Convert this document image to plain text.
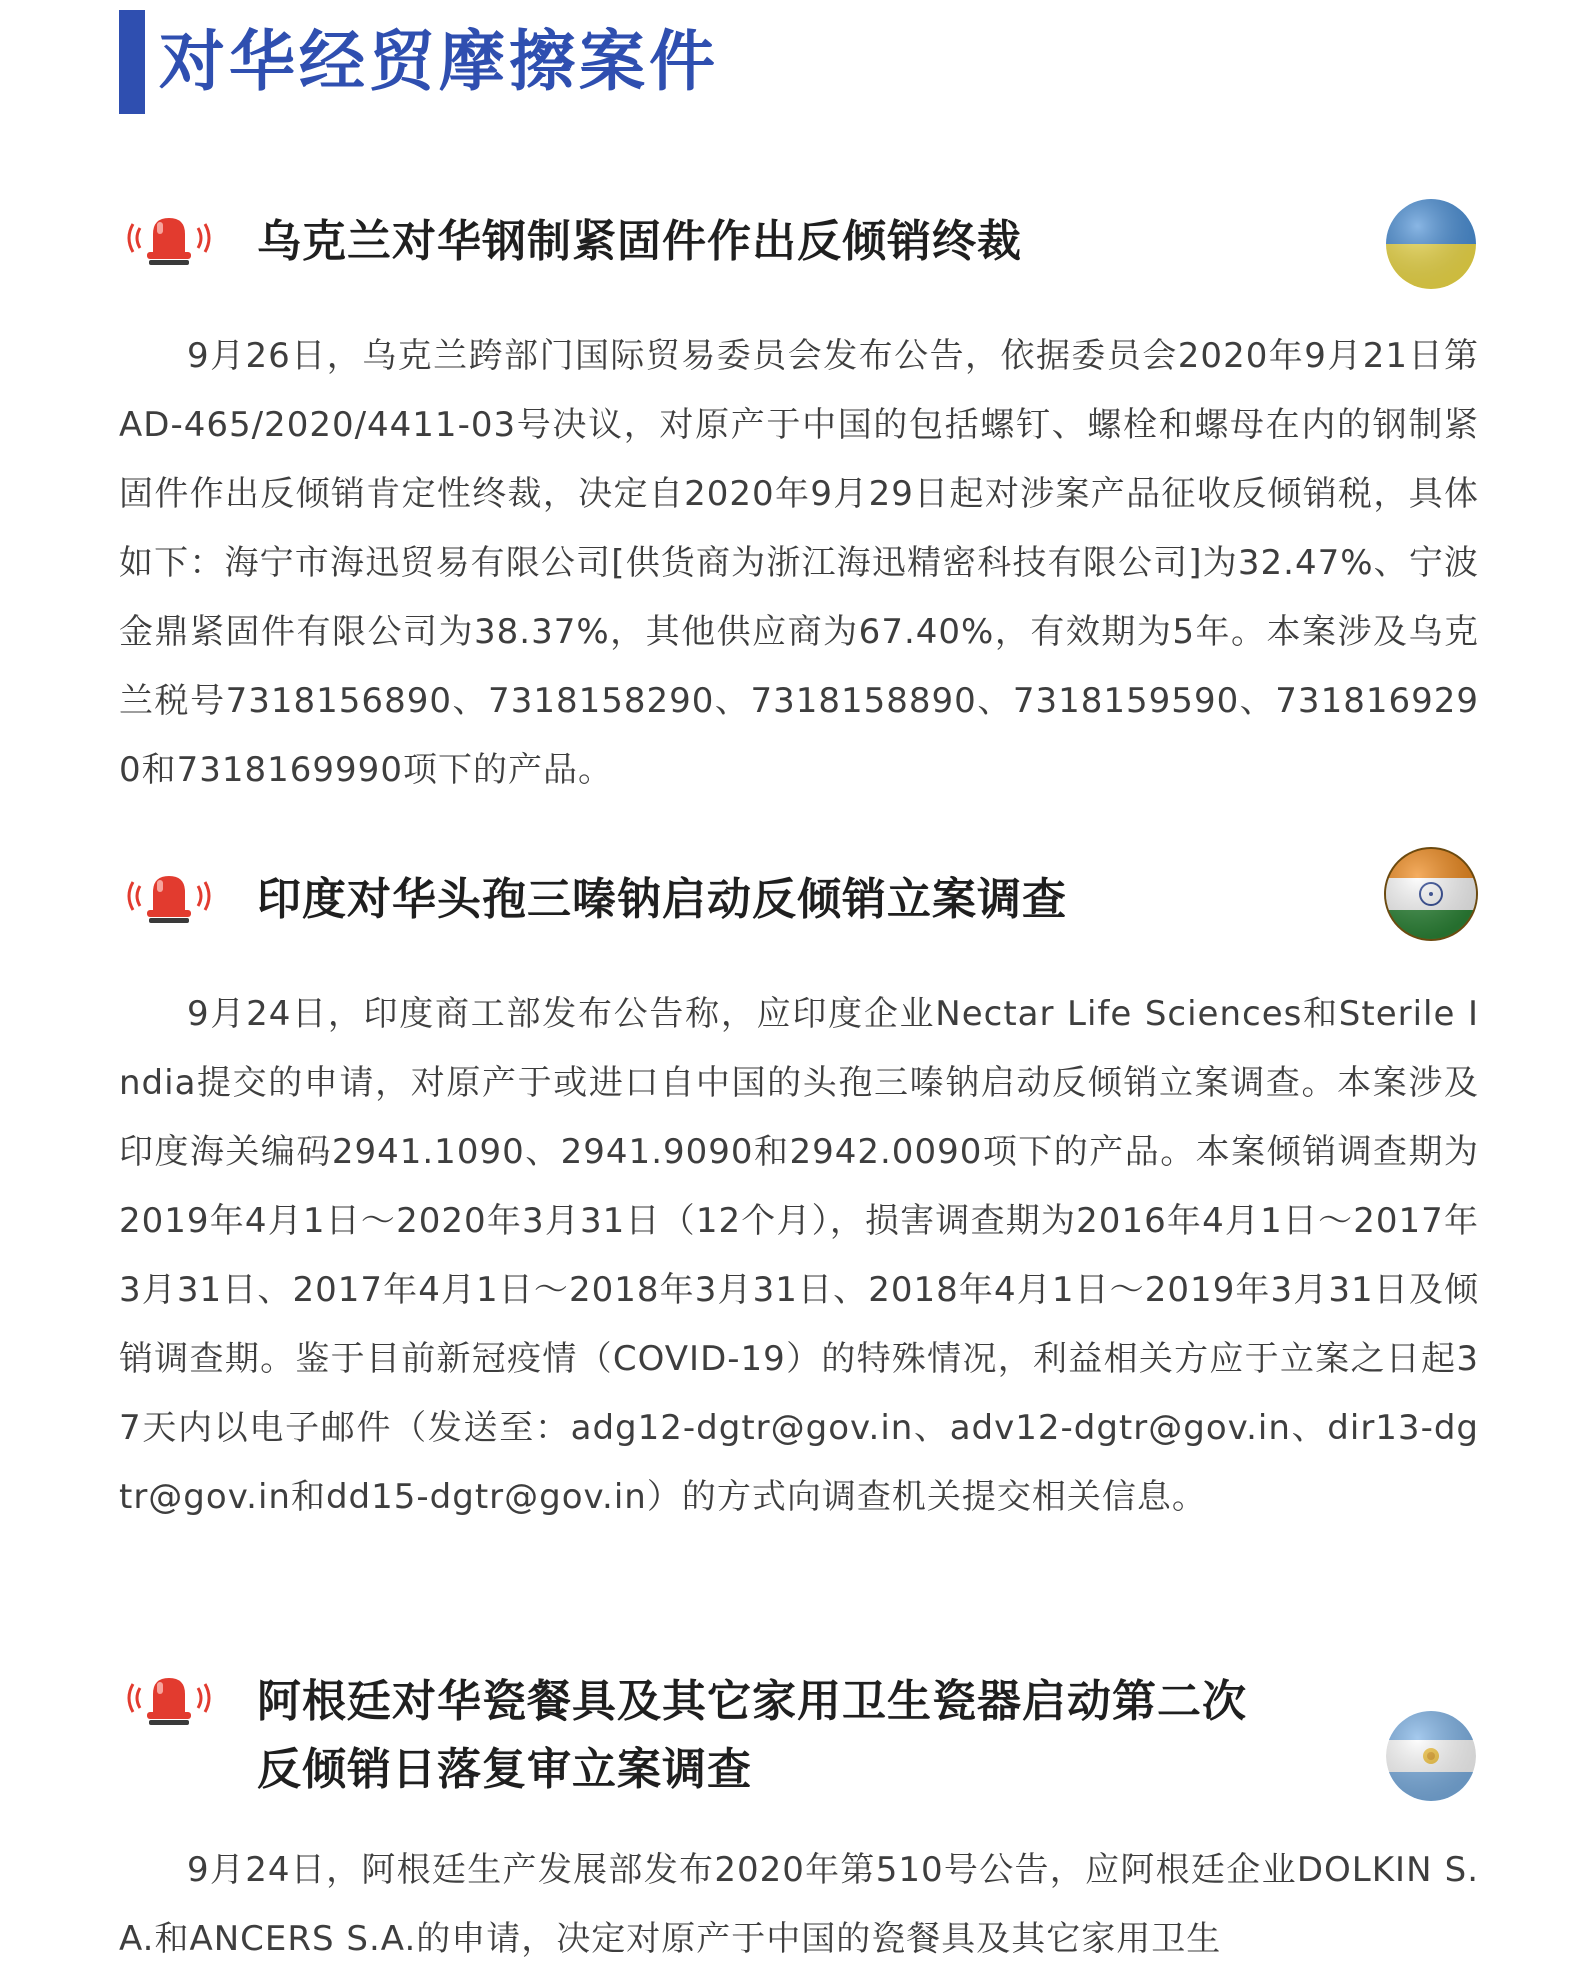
对华经贸摩擦案件
乌克兰对华钢制紧固件作出反倾销终裁
9月26日，乌克兰跨部门国际贸易委员会发布公告，依据委员会2020年9月21日第AD-465/2020/4411-03号决议，对原产于中国的包括螺钉、螺栓和螺母在内的钢制紧固件作出反倾销肯定性终裁，决定自2020年9月29日起对涉案产品征收反倾销税，具体如下：海宁市海迅贸易有限公司[供货商为浙江海迅精密科技有限公司]为32.47%、宁波金鼎紧固件有限公司为38.37%，其他供应商为67.40%，有效期为5年。本案涉及乌克兰税号7318156890、7318158290、7318158890、7318159590、7318169290和7318169990项下的产品。
印度对华头孢三嗪钠启动反倾销立案调查
9月24日，印度商工部发布公告称，应印度企业Nectar Life Sciences和Sterile India提交的申请，对原产于或进口自中国的头孢三嗪钠启动反倾销立案调查。本案涉及印度海关编码2941.1090、2941.9090和2942.0090项下的产品。本案倾销调查期为2019年4月1日～2020年3月31日（12个月），损害调查期为2016年4月1日～2017年3月31日、2017年4月1日～2018年3月31日、2018年4月1日～2019年3月31日及倾销调查期。鉴于目前新冠疫情（COVID-19）的特殊情况，利益相关方应于立案之日起37天内以电子邮件（发送至：adg12-dgtr@gov.in、adv12-dgtr@gov.in、dir13-dgtr@gov.in和dd15-dgtr@gov.in）的方式向调查机关提交相关信息。
阿根廷对华瓷餐具及其它家用卫生瓷器启动第二次
反倾销日落复审立案调查
9月24日，阿根廷生产发展部发布2020年第510号公告，应阿根廷企业DOLKIN S.A.和ANCERS S.A.的申请，决定对原产于中国的瓷餐具及其它家用卫生
